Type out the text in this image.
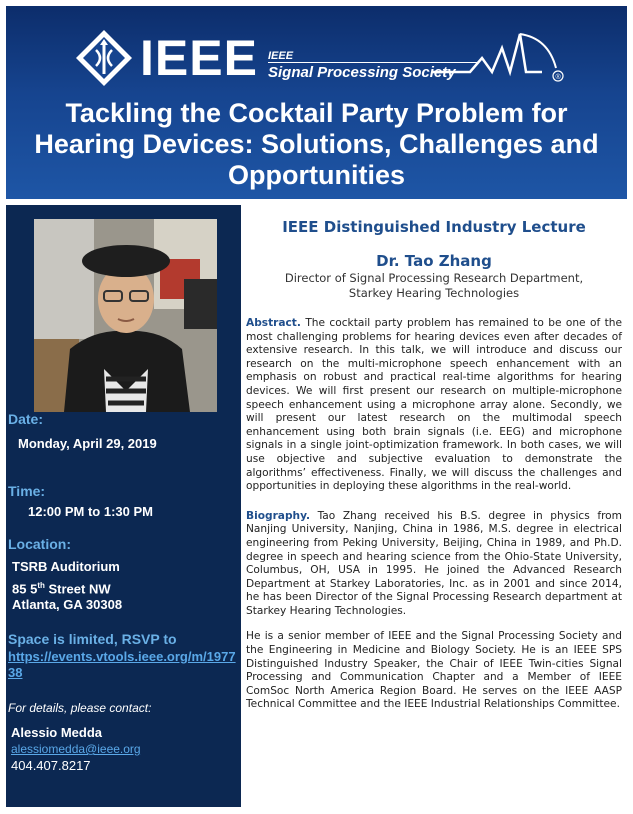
IEEE IEEE
Signal Processing Society	®
Tackling the Cocktail Party Problem for Hearing Devices: Solutions, Challenges and Opportunities
Date:
Monday, April 29, 2019
Time:
12:00 PM to 1:30 PM
Location:
TSRB Auditorium
85 5th Street NW
Atlanta, GA 30308
Space is limited, RSVP to
https://events.vtools.ieee.org/m/197738
For details, please contact:
Alessio Medda
alessiomedda@ieee.org
404.407.8217
IEEE Distinguished Industry Lecture
Dr. Tao Zhang
Director of Signal Processing Research Department,
Starkey Hearing Technologies

Abstract. The cocktail party problem has remained to be one of the most challenging problems for hearing devices even after decades of extensive research. In this talk, we will introduce and discuss our research on the multi-microphone speech enhancement with an emphasis on robust and practical real-time algorithms for hearing devices. We will first present our research on multiple-microphone speech enhancement using a microphone array alone. Secondly, we will present our latest research on the multimodal speech enhancement using both brain signals (i.e. EEG) and microphone signals in a single joint-optimization framework. In both cases, we will use objective and subjective evaluation to demonstrate the algorithms’ effectiveness. Finally, we will discuss the challenges and opportunities in deploying these algorithms in the real-world.

Biography. Tao Zhang received his B.S. degree in physics from Nanjing University, Nanjing, China in 1986, M.S. degree in electrical engineering from Peking University, Beijing, China in 1989, and Ph.D. degree in speech and hearing science from the Ohio-State University, Columbus, OH, USA in 1995. He joined the Advanced Research Department at Starkey Laboratories, Inc. as in 2001 and since 2014, he has been Director of the Signal Processing Research department at Starkey Hearing Technologies.

He is a senior member of IEEE and the Signal Processing Society and the Engineering in Medicine and Biology Society. He is an IEEE SPS Distinguished Industry Speaker, the Chair of IEEE Twin-cities Signal Processing and Communication Chapter and a Member of IEEE ComSoc North America Region Board. He serves on the IEEE AASP Technical Committee and the IEEE Industrial Relationships Committee.
